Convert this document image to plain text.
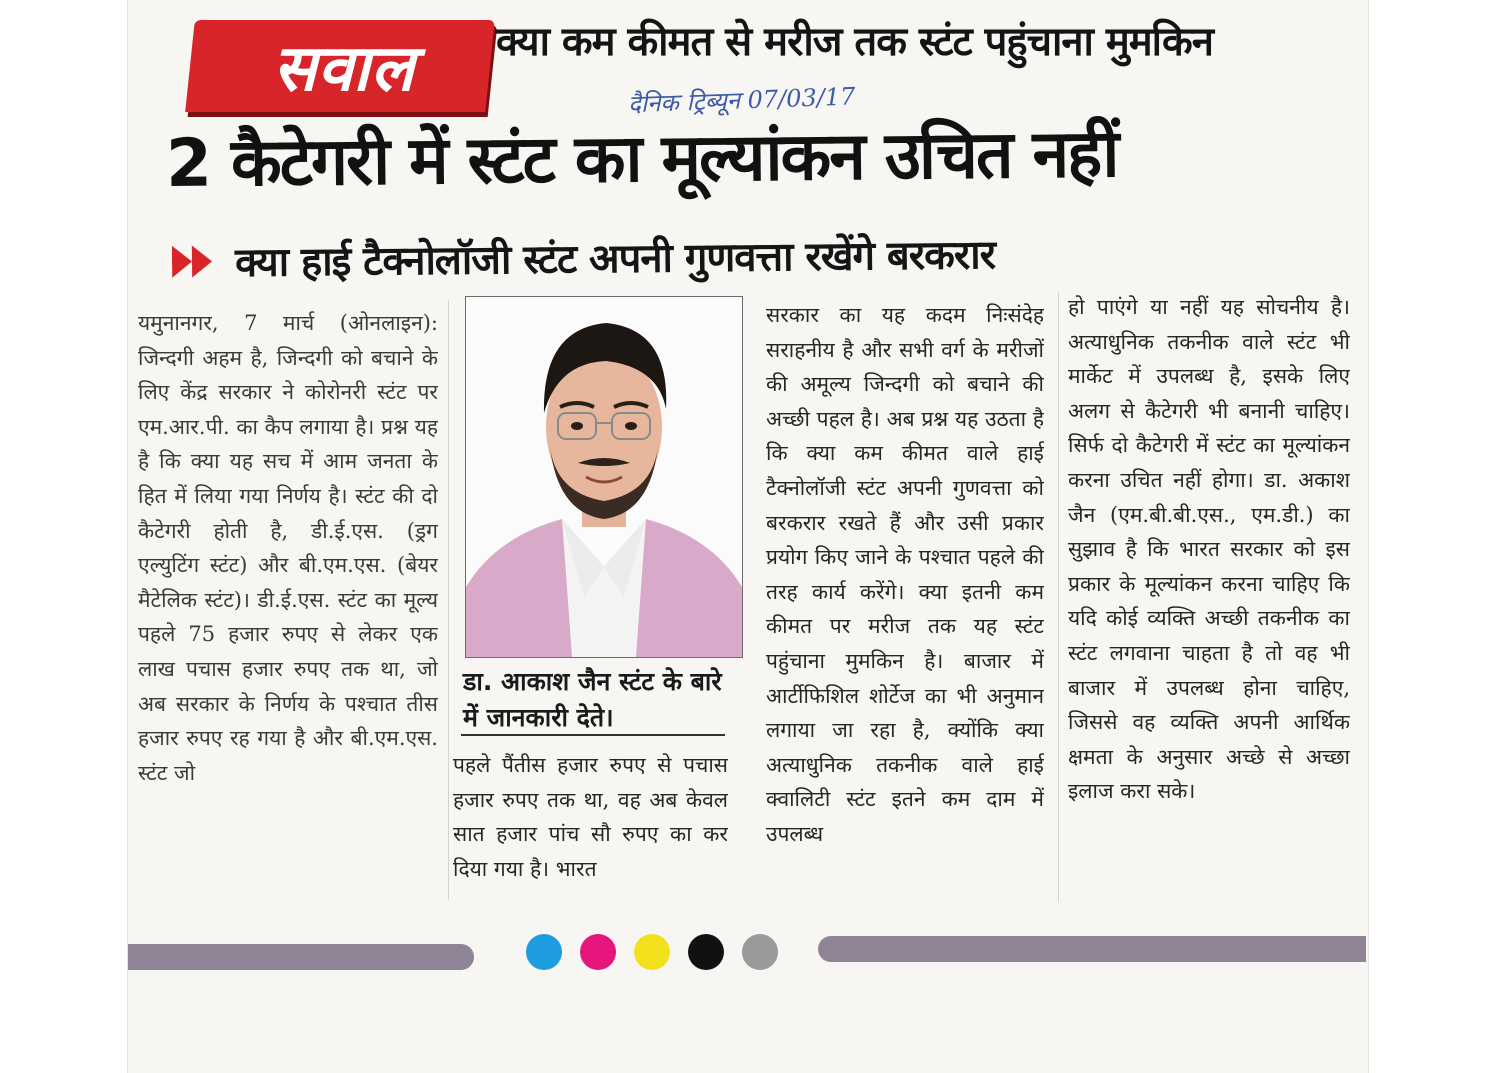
सवाल	क्या कम कीमत से मरीज तक स्टंट पहुंचाना मुमकिन
दैनिक ट्रिब्यून 07/03/17
2 कैटेगरी में स्टंट का मूल्यांकन उचित नहीं
क्या हाई टैक्नोलॉजी स्टंट अपनी गुणवत्ता रखेंगे बरकरार
यमुनानगर, 7 मार्च (ओनलाइन): जिन्दगी अहम है, जिन्दगी को बचाने के लिए केंद्र सरकार ने कोरोनरी स्टंट पर एम.आर.पी. का कैप लगाया है। प्रश्न यह है कि क्या यह सच में आम जनता के हित में लिया गया निर्णय है। स्टंट की दो कैटेगरी होती है, डी.ई.एस. (ड्रग एल्युटिंग स्टंट) और बी.एम.एस. (बेयर मैटेलिक स्टंट)। डी.ई.एस. स्टंट का मूल्य पहले 75 हजार रुपए से लेकर एक लाख पचास हजार रुपए तक था, जो अब सरकार के निर्णय के पश्चात तीस हजार रुपए रह गया है और बी.एम.एस. स्टंट जो
डा. आकाश जैन स्टंट के बारे में जानकारी देते।
पहले पैंतीस हजार रुपए से पचास हजार रुपए तक था, वह अब केवल सात हजार पांच सौ रुपए का कर दिया गया है। भारत
सरकार का यह कदम निःसंदेह सराहनीय है और सभी वर्ग के मरीजों की अमूल्य जिन्दगी को बचाने की अच्छी पहल है। अब प्रश्न यह उठता है कि क्या कम कीमत वाले हाई टैक्नोलॉजी स्टंट अपनी गुणवत्ता को बरकरार रखते हैं और उसी प्रकार प्रयोग किए जाने के पश्चात पहले की तरह कार्य करेंगे। क्या इतनी कम कीमत पर मरीज तक यह स्टंट पहुंचाना मुमकिन है। बाजार में आर्टीफिशिल शोर्टेज का भी अनुमान लगाया जा रहा है, क्योंकि क्या अत्याधुनिक तकनीक वाले हाई क्वालिटी स्टंट इतने कम दाम में उपलब्ध
हो पाएंगे या नहीं यह सोचनीय है। अत्याधुनिक तकनीक वाले स्टंट भी मार्केट में उपलब्ध है, इसके लिए अलग से कैटेगरी भी बनानी चाहिए। सिर्फ दो कैटेगरी में स्टंट का मूल्यांकन करना उचित नहीं होगा। डा. अकाश जैन (एम.बी.बी.एस., एम.डी.) का सुझाव है कि भारत सरकार को इस प्रकार के मूल्यांकन करना चाहिए कि यदि कोई व्यक्ति अच्छी तकनीक का स्टंट लगवाना चाहता है तो वह भी बाजार में उपलब्ध होना चाहिए, जिससे वह व्यक्ति अपनी आर्थिक क्षमता के अनुसार अच्छे से अच्छा इलाज करा सके।
